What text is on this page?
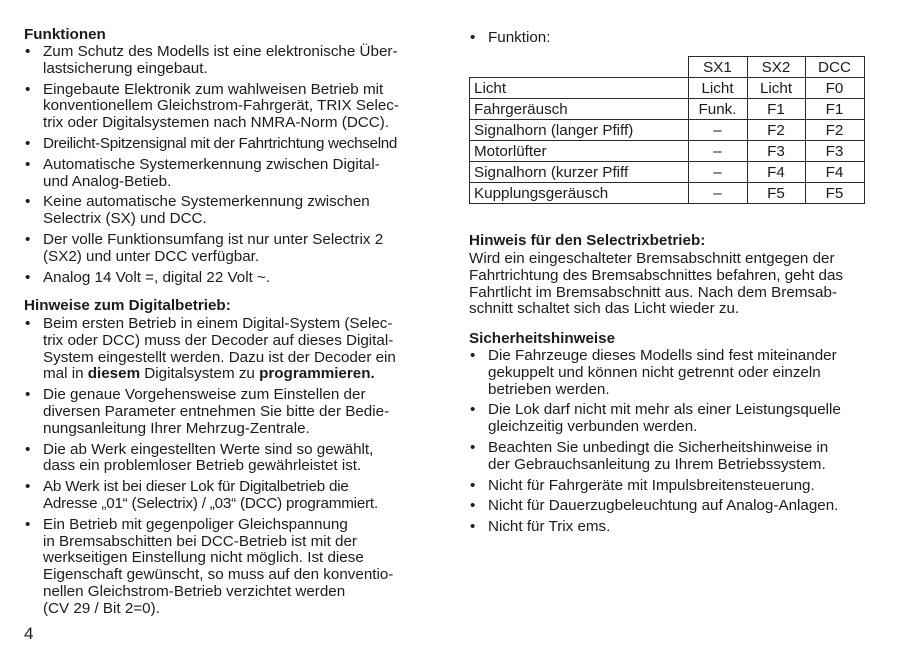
Funktionen
• Zum Schutz des Modells ist eine elektronische Über-
lastsicherung eingebaut.
• Eingebaute Elektronik zum wahlweisen Betrieb mit
konventionellem Gleichstrom-Fahrgerät, TRIX Selec-
trix oder Digitalsystemen nach NMRA-Norm (DCC).
• Dreilicht-Spitzensignal mit der Fahrtrichtung wechselnd
• Automatische Systemerkennung zwischen Digital-
und Analog-Betieb.
• Keine automatische Systemerkennung zwischen
Selectrix (SX) und DCC.
• Der volle Funktionsumfang ist nur unter Selectrix 2
(SX2) und unter DCC verfügbar.
• Analog 14 Volt =, digital 22 Volt ~.
Hinweise zum Digitalbetrieb:
• Beim ersten Betrieb in einem Digital-System (Selec-
trix oder DCC) muss der Decoder auf dieses Digital-
System eingestellt werden. Dazu ist der Decoder ein
mal in diesem Digitalsystem zu programmieren.
• Die genaue Vorgehensweise zum Einstellen der
diversen Parameter entnehmen Sie bitte der Bedie-
nungsanleitung Ihrer Mehrzug-Zentrale.
• Die ab Werk eingestellten Werte sind so gewählt,
dass ein problemloser Betrieb gewährleistet ist.
• Ab Werk ist bei dieser Lok für Digitalbetrieb die
Adresse „01“ (Selectrix) / „03“ (DCC) programmiert.
• Ein Betrieb mit gegenpoliger Gleichspannung
in Bremsabschitten bei DCC-Betrieb ist mit der
werkseitigen Einstellung nicht möglich. Ist diese
Eigenschaft gewünscht, so muss auf den konventio-
nellen Gleichstrom-Betrieb verzichtet werden
(CV 29 / Bit 2=0).
4
• Funktion:
	SX1	SX2	DCC
Licht	Licht	Licht	F0
Fahrgeräusch	Funk.	F1	F1
Signalhorn (langer Pfiff)	–	F2	F2
Motorlüfter	–	F3	F3
Signalhorn (kurzer Pfiff	–	F4	F4
Kupplungsgeräusch	–	F5	F5
Hinweis für den Selectrixbetrieb:

Wird ein eingeschalteter Bremsabschnitt entgegen der
Fahrtrichtung des Bremsabschnittes befahren, geht das
Fahrtlicht im Bremsabschnitt aus. Nach dem Bremsab-
schnitt schaltet sich das Licht wieder zu.

Sicherheitshinweise
• Die Fahrzeuge dieses Modells sind fest miteinander
gekuppelt und können nicht getrennt oder einzeln
betrieben werden.
• Die Lok darf nicht mit mehr als einer Leistungsquelle
gleichzeitig verbunden werden.
• Beachten Sie unbedingt die Sicherheitshinweise in
der Gebrauchsanleitung zu Ihrem Betriebssystem.
• Nicht für Fahrgeräte mit Impulsbreitensteuerung.
• Nicht für Dauerzugbeleuchtung auf Analog-Anlagen.
• Nicht für Trix ems.
